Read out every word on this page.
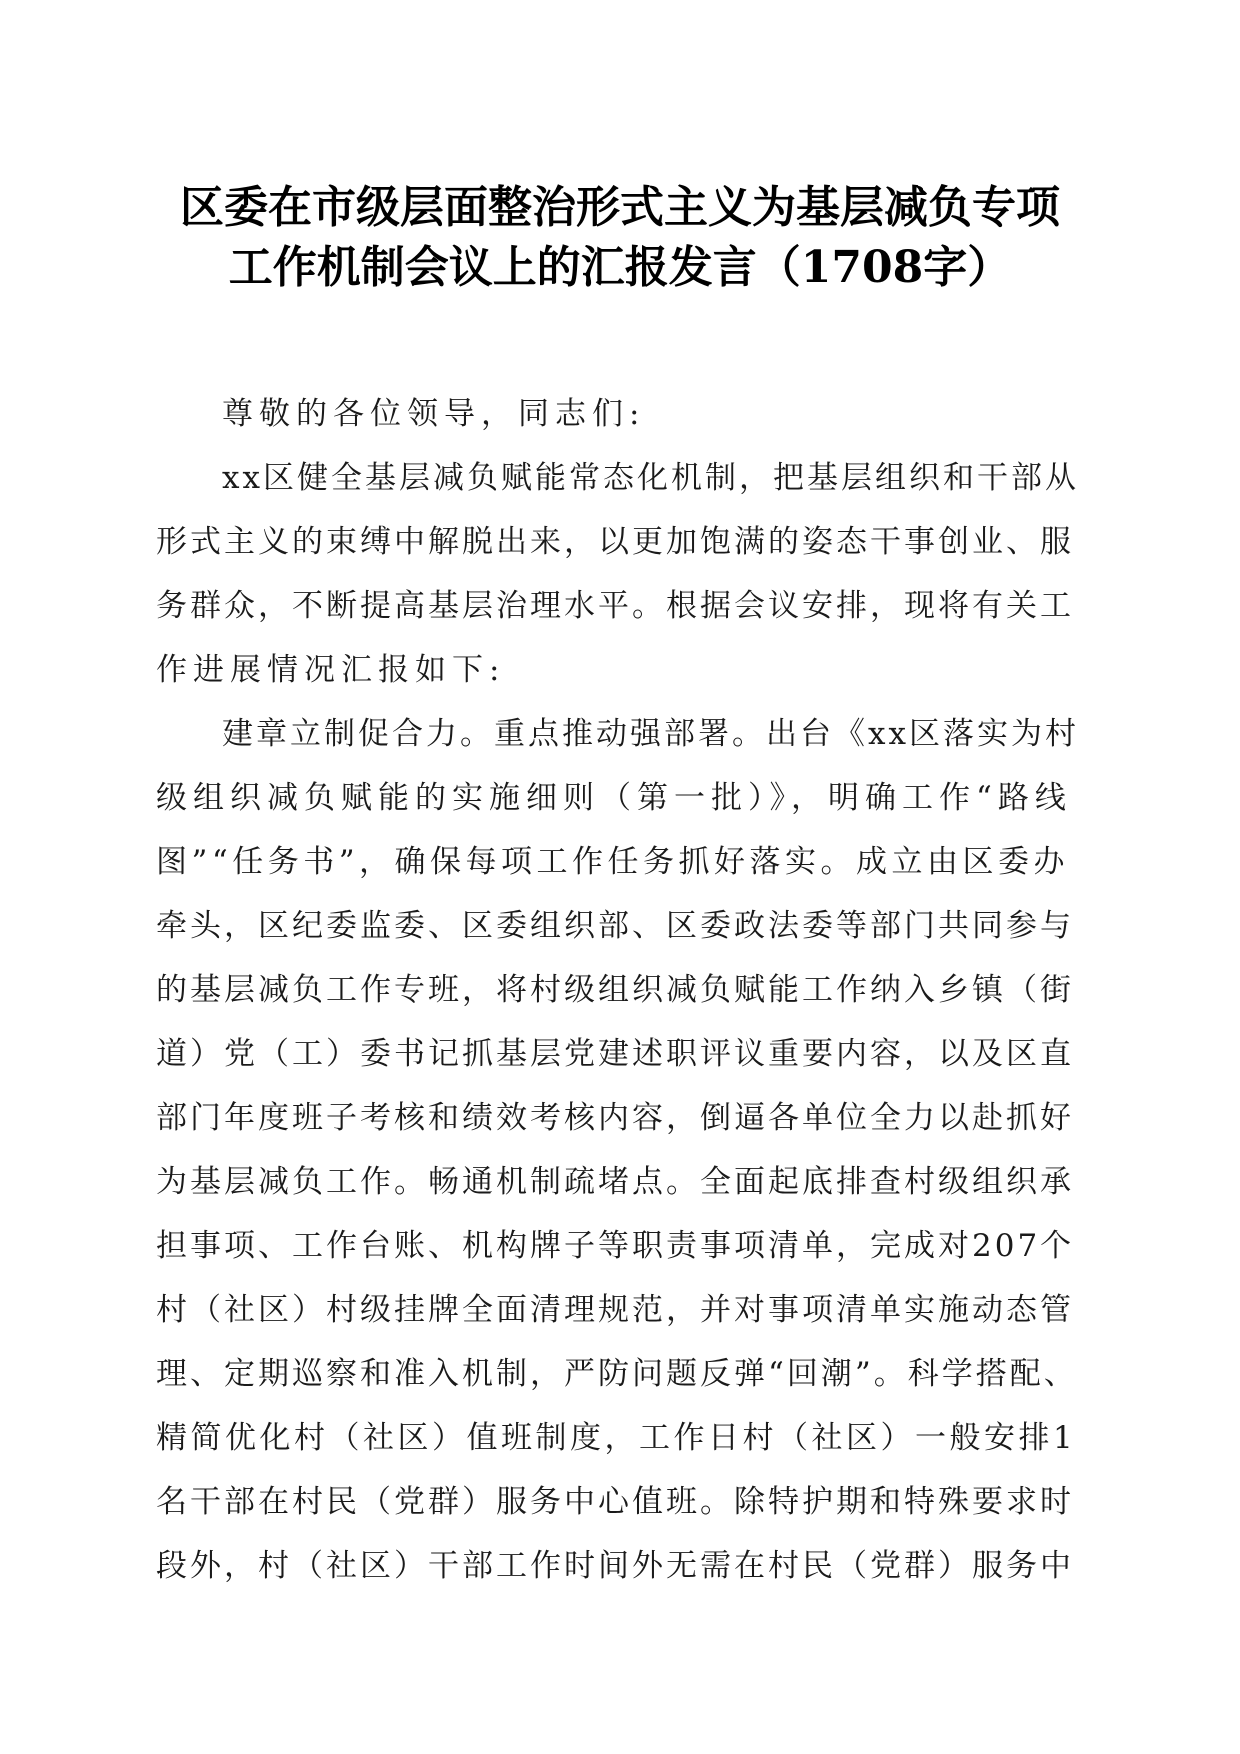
区委在市级层面整治形式主义为基层减负专项
工作机制会议上的汇报发言（1708字）
尊敬的各位领导，同志们:
xx区健全基层减负赋能常态化机制，把基层组织和干部从
形式主义的束缚中解脱出来，以更加饱满的姿态干事创业、服
务群众，不断提高基层治理水平。根据会议安排，现将有关工
作进展情况汇报如下:
建章立制促合力。重点推动强部署。出台《xx区落实为村
级组织减负赋能的实施细则（第一批）》，明确工作“路线
图”“任务书”，确保每项工作任务抓好落实。成立由区委办
牵头，区纪委监委、区委组织部、区委政法委等部门共同参与
的基层减负工作专班，将村级组织减负赋能工作纳入乡镇（街
道）党（工）委书记抓基层党建述职评议重要内容，以及区直
部门年度班子考核和绩效考核内容，倒逼各单位全力以赴抓好
为基层减负工作。畅通机制疏堵点。全面起底排查村级组织承
担事项、工作台账、机构牌子等职责事项清单，完成对207个
村（社区）村级挂牌全面清理规范，并对事项清单实施动态管
理、定期巡察和准入机制，严防问题反弹“回潮”。科学搭配、
精简优化村（社区）值班制度，工作日村（社区）一般安排1
名干部在村民（党群）服务中心值班。除特护期和特殊要求时
段外，村（社区）干部工作时间外无需在村民（党群）服务中
